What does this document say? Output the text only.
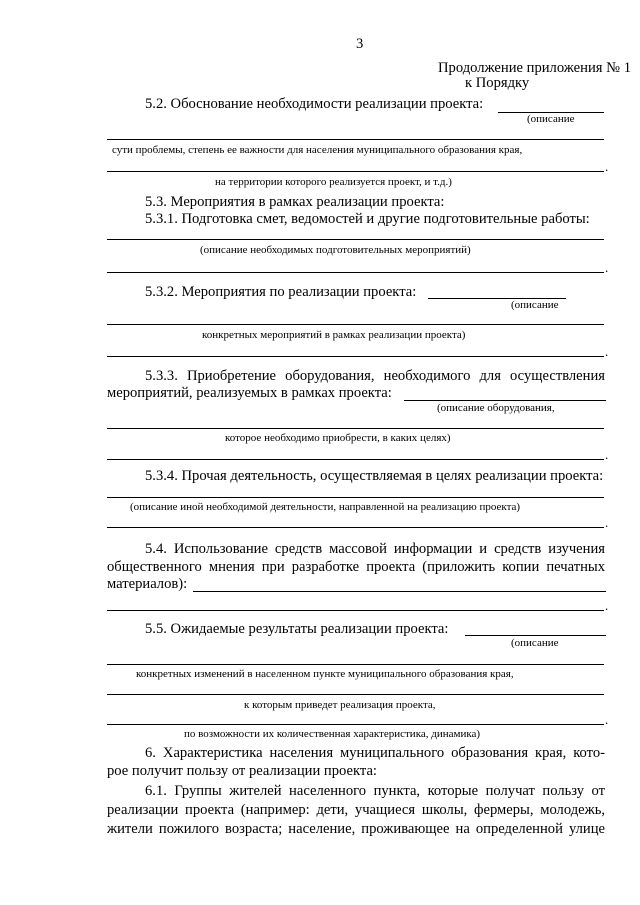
3
Продолжение приложения № 1
к Порядку
5.2. Обоснование необходимости реализации проекта:
(описание
сути проблемы, степень ее важности для населения муниципального образования края,
.
на территории которого реализуется проект, и т.д.)
5.3. Мероприятия в рамках реализации проекта:
5.3.1. Подготовка смет, ведомостей и другие подготовительные работы:
(описание необходимых подготовительных мероприятий)
.
5.3.2. Мероприятия по реализации проекта:
(описание
конкретных мероприятий в рамках реализации проекта)
.
5.3.3. Приобретение оборудования, необходимого для осуществления
мероприятий, реализуемых в рамках проекта:
(описание оборудования,
которое необходимо приобрести, в каких целях)
.
5.3.4. Прочая деятельность, осуществляемая в целях реализации проекта:
(описание иной необходимой деятельности, направленной на реализацию проекта)
.
5.4. Использование средств массовой информации и средств изучения
общественного мнения при разработке проекта (приложить копии печатных
материалов):
.
5.5. Ожидаемые результаты реализации проекта:
(описание
конкретных изменений в населенном пункте муниципального образования края,
к которым приведет реализация проекта,
.
по возможности их количественная характеристика, динамика)
6. Характеристика населения муниципального образования края, кото-
рое получит пользу от реализации проекта:
6.1. Группы жителей населенного пункта, которые получат пользу от
реализации проекта (например: дети, учащиеся школы, фермеры, молодежь,
жители пожилого возраста; население, проживающее на определенной улице
